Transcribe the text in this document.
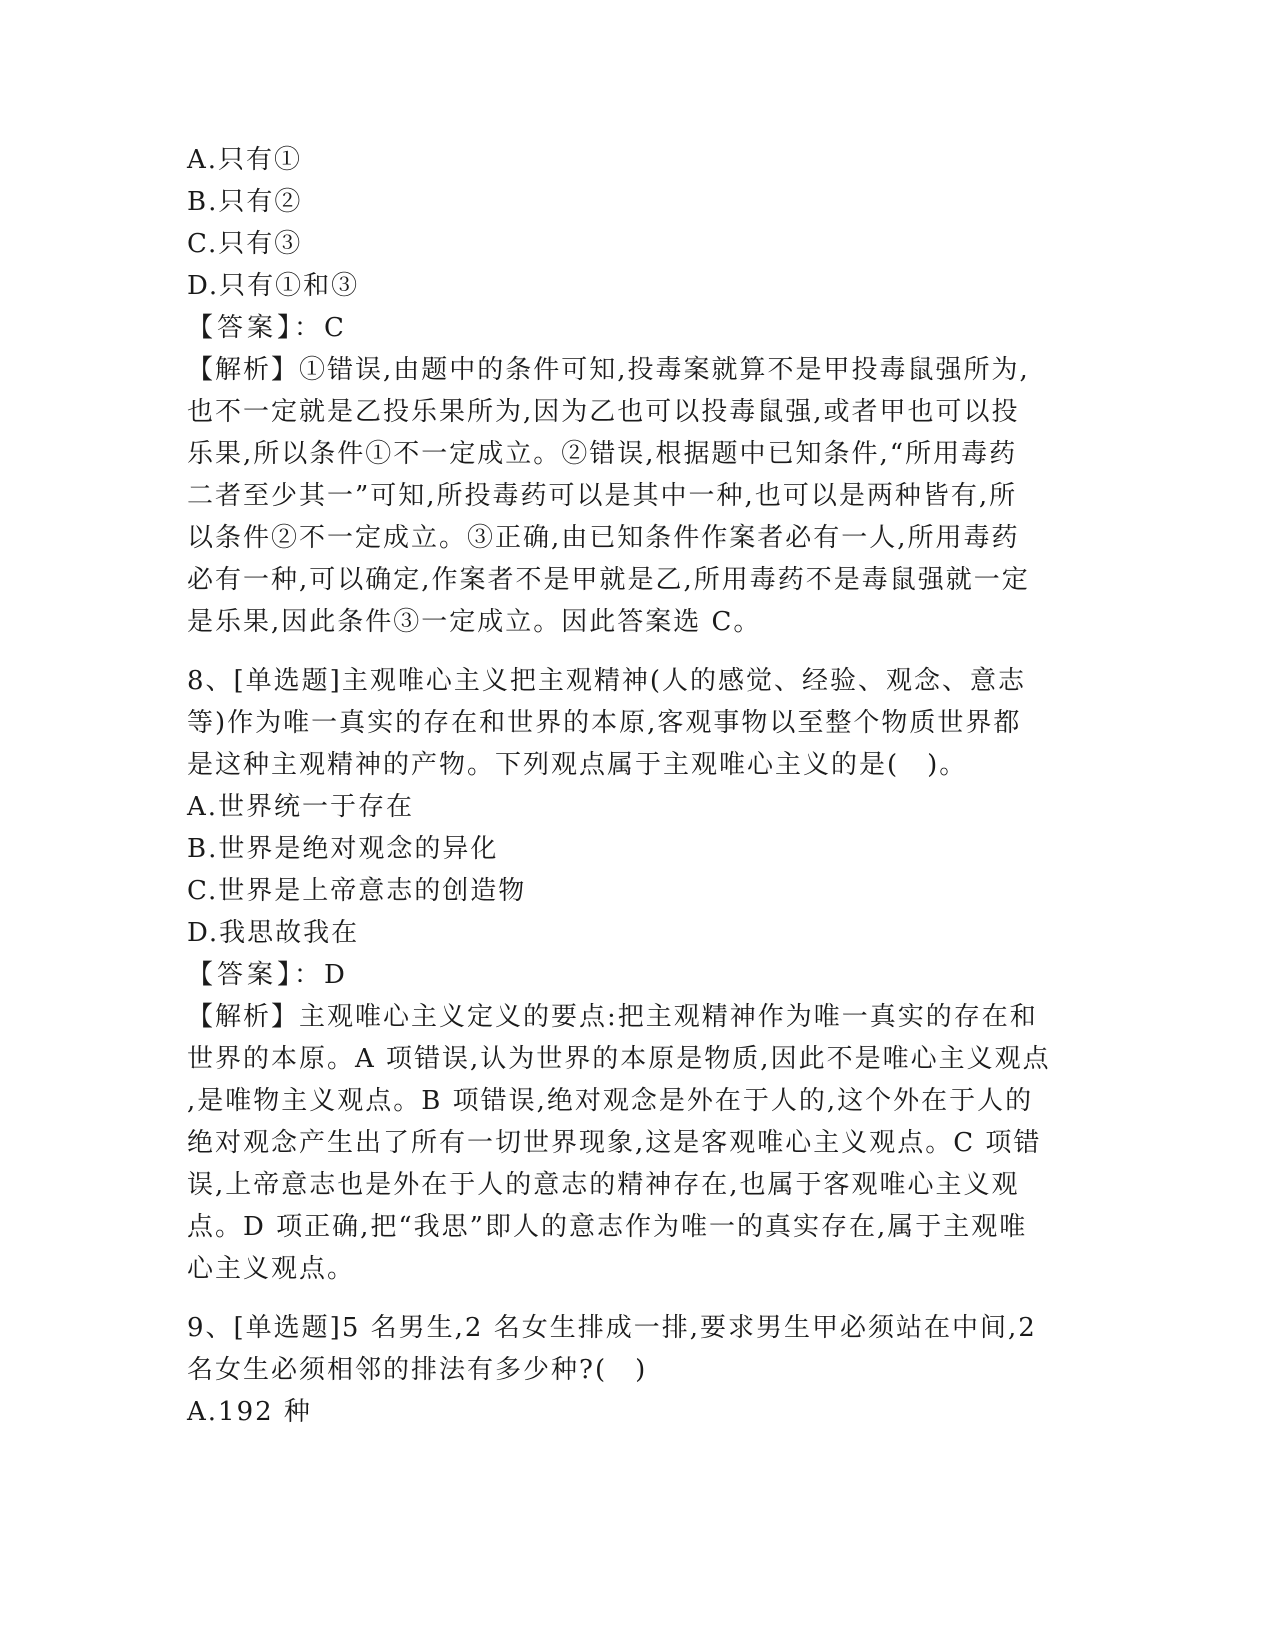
A.只有①
B.只有②
C.只有③
D.只有①和③
【答案】：C
【解析】①错误,由题中的条件可知,投毒案就算不是甲投毒鼠强所为,
也不一定就是乙投乐果所为,因为乙也可以投毒鼠强,或者甲也可以投
乐果,所以条件①不一定成立。②错误,根据题中已知条件,“所用毒药
二者至少其一”可知,所投毒药可以是其中一种,也可以是两种皆有,所
以条件②不一定成立。③正确,由已知条件作案者必有一人,所用毒药
必有一种,可以确定,作案者不是甲就是乙,所用毒药不是毒鼠强就一定
是乐果,因此条件③一定成立。因此答案选 C。
8、[单选题]主观唯心主义把主观精神(人的感觉、经验、观念、意志
等)作为唯一真实的存在和世界的本原,客观事物以至整个物质世界都
是这种主观精神的产物。下列观点属于主观唯心主义的是(　)。
A.世界统一于存在
B.世界是绝对观念的异化
C.世界是上帝意志的创造物
D.我思故我在
【答案】：D
【解析】主观唯心主义定义的要点:把主观精神作为唯一真实的存在和
世界的本原。A 项错误,认为世界的本原是物质,因此不是唯心主义观点
,是唯物主义观点。B 项错误,绝对观念是外在于人的,这个外在于人的
绝对观念产生出了所有一切世界现象,这是客观唯心主义观点。C 项错
误,上帝意志也是外在于人的意志的精神存在,也属于客观唯心主义观
点。D 项正确,把“我思”即人的意志作为唯一的真实存在,属于主观唯
心主义观点。
9、[单选题]5 名男生,2 名女生排成一排,要求男生甲必须站在中间,2
名女生必须相邻的排法有多少种?(　)
A.192 种
